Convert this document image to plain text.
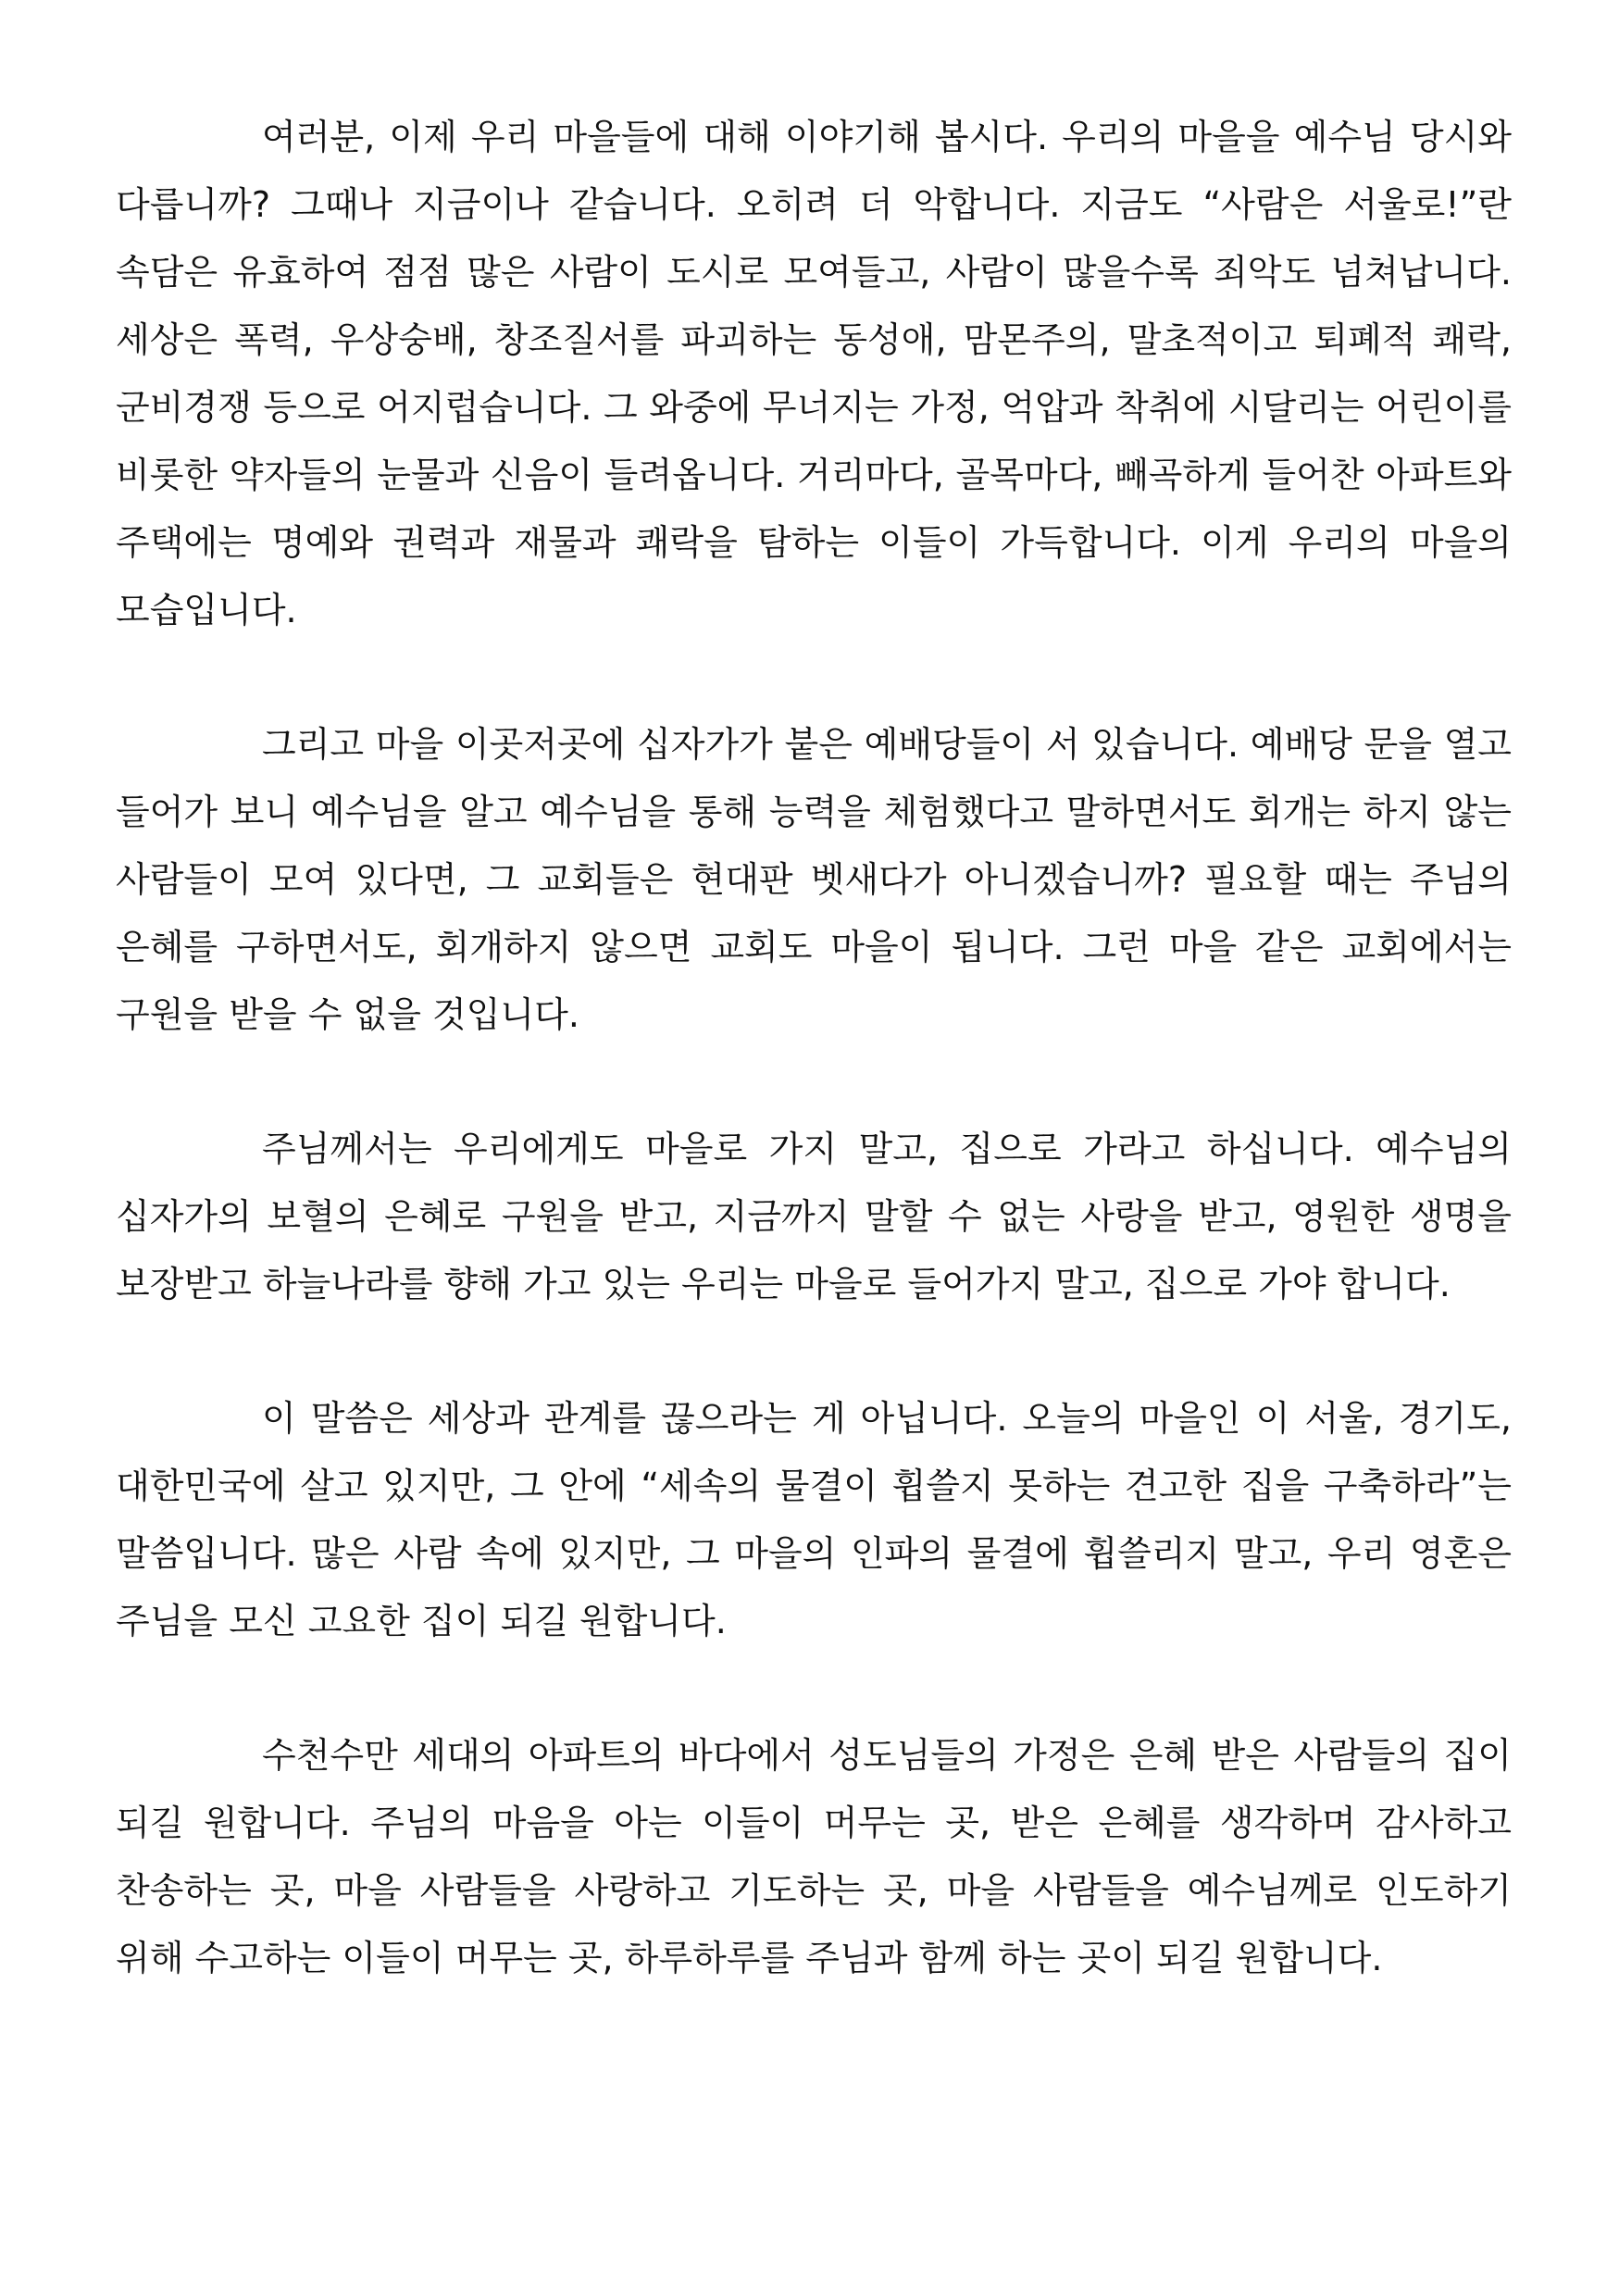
여러분, 이제 우리 마을들에 대해 이야기해 봅시다. 우리의 마을을 예수님 당시와 다릅니까? 그때나 지금이나 같습니다. 오히려 더 악합니다. 지금도 “사람은 서울로!”란 속담은 유효하여 점점 많은 사람이 도시로 모여들고, 사람이 많을수록 죄악도 넘쳐납니다. 세상은 폭력, 우상숭배, 창조질서를 파괴하는 동성애, 맘몬주의, 말초적이고 퇴폐적 쾌락, 군비경쟁 등으로 어지럽습니다. 그 와중에 무너지는 가정, 억압과 착취에 시달리는 어린이를 비롯한 약자들의 눈물과 신음이 들려옵니다. 거리마다, 골목마다, 빼곡하게 들어찬 아파트와 주택에는 명예와 권력과 재물과 쾌락을 탐하는 이들이 가득합니다. 이게 우리의 마을의 모습입니다.

그리고 마을 이곳저곳에 십자가가 붙은 예배당들이 서 있습니다. 예배당 문을 열고 들어가 보니 예수님을 알고 예수님을 통해 능력을 체험했다고 말하면서도 회개는 하지 않는 사람들이 모여 있다면, 그 교회들은 현대판 벳새다가 아니겠습니까? 필요할 때는 주님의 은혜를 구하면서도, 회개하지 않으면 교회도 마을이 됩니다. 그런 마을 같은 교회에서는 구원을 받을 수 없을 것입니다.

주님께서는 우리에게도 마을로 가지 말고, 집으로 가라고 하십니다. 예수님의 십자가의 보혈의 은혜로 구원을 받고, 지금까지 말할 수 없는 사랑을 받고, 영원한 생명을 보장받고 하늘나라를 향해 가고 있는 우리는 마을로 들어가지 말고, 집으로 가야 합니다.

이 말씀은 세상과 관계를 끊으라는 게 아닙니다. 오늘의 마을인 이 서울, 경기도, 대한민국에 살고 있지만, 그 안에 “세속의 물결이 휩쓸지 못하는 견고한 집을 구축하라”는 말씀입니다. 많은 사람 속에 있지만, 그 마을의 인파의 물결에 휩쓸리지 말고, 우리 영혼은 주님을 모신 고요한 집이 되길 원합니다.

수천수만 세대의 아파트의 바다에서 성도님들의 가정은 은혜 받은 사람들의 집이 되길 원합니다. 주님의 마음을 아는 이들이 머무는 곳, 받은 은혜를 생각하며 감사하고 찬송하는 곳, 마을 사람들을 사랑하고 기도하는 곳, 마을 사람들을 예수님께로 인도하기 위해 수고하는 이들이 머무는 곳, 하루하루를 주님과 함께 하는 곳이 되길 원합니다.
